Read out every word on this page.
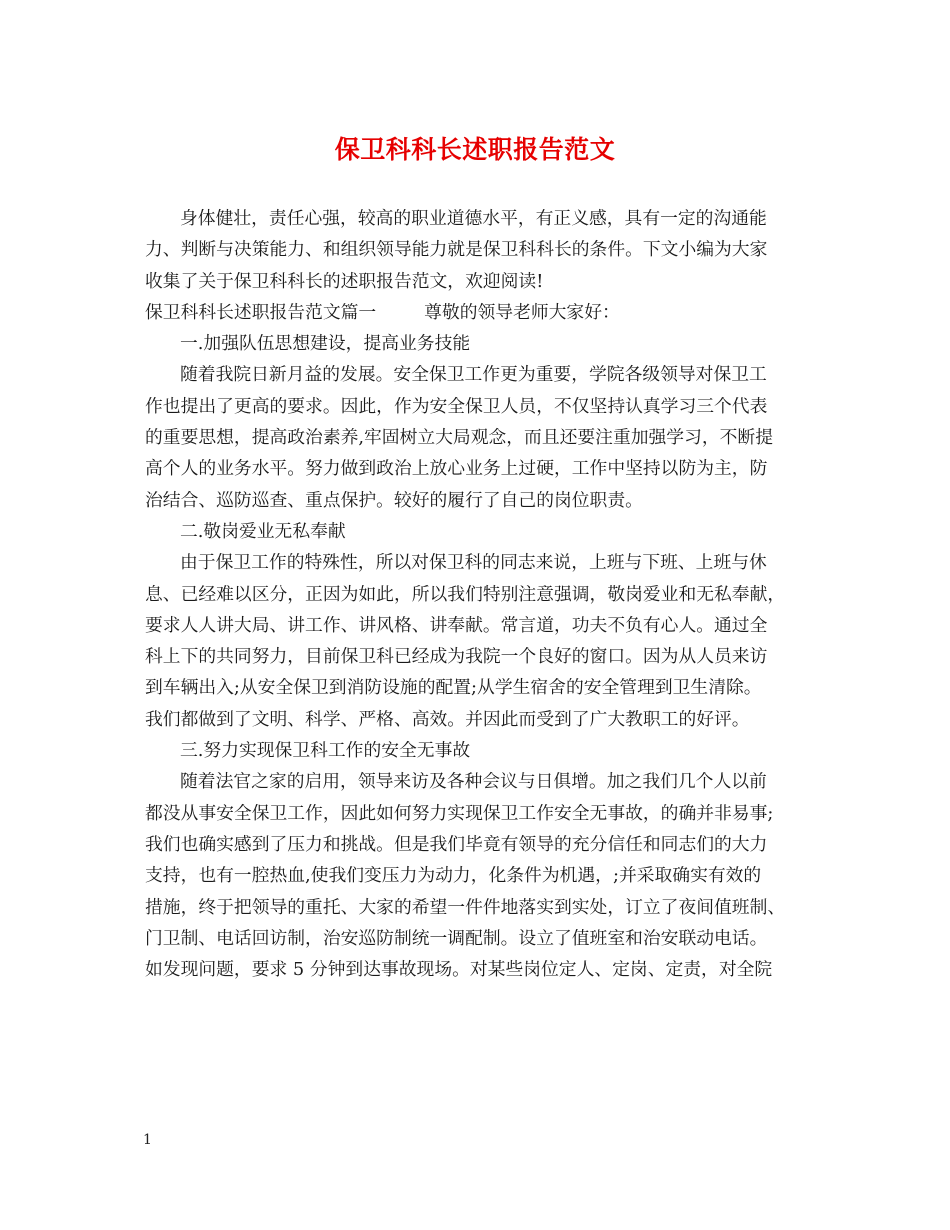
保卫科科长述职报告范文
身体健壮，责任心强，较高的职业道德水平，有正义感，具有一定的沟通能
力、判断与决策能力、和组织领导能力就是保卫科科长的条件。下文小编为大家
收集了关于保卫科科长的述职报告范文，欢迎阅读!
保卫科科长述职报告范文篇一	尊敬的领导老师大家好：
一.加强队伍思想建设，提高业务技能
随着我院日新月益的发展。安全保卫工作更为重要，学院各级领导对保卫工
作也提出了更高的要求。因此，作为安全保卫人员，不仅坚持认真学习三个代表
的重要思想，提高政治素养,牢固树立大局观念，而且还要注重加强学习，不断提
高个人的业务水平。努力做到政治上放心业务上过硬，工作中坚持以防为主，防
治结合、巡防巡查、重点保护。较好的履行了自己的岗位职责。
二.敬岗爱业无私奉献
由于保卫工作的特殊性，所以对保卫科的同志来说，上班与下班、上班与休
息、已经难以区分，正因为如此，所以我们特别注意强调，敬岗爱业和无私奉献，
要求人人讲大局、讲工作、讲风格、讲奉献。常言道，功夫不负有心人。通过全
科上下的共同努力，目前保卫科已经成为我院一个良好的窗口。因为从人员来访
到车辆出入;从安全保卫到消防设施的配置;从学生宿舍的安全管理到卫生清除。
我们都做到了文明、科学、严格、高效。并因此而受到了广大教职工的好评。
三.努力实现保卫科工作的安全无事故
随着法官之家的启用，领导来访及各种会议与日俱增。加之我们几个人以前
都没从事安全保卫工作，因此如何努力实现保卫工作安全无事故，的确并非易事;
我们也确实感到了压力和挑战。但是我们毕竟有领导的充分信任和同志们的大力
支持，也有一腔热血,使我们变压力为动力，化条件为机遇，;并采取确实有效的
措施，终于把领导的重托、大家的希望一件件地落实到实处，订立了夜间值班制、
门卫制、电话回访制，治安巡防制统一调配制。设立了值班室和治安联动电话。
如发现问题，要求 5 分钟到达事故现场。对某些岗位定人、定岗、定责，对全院
1
